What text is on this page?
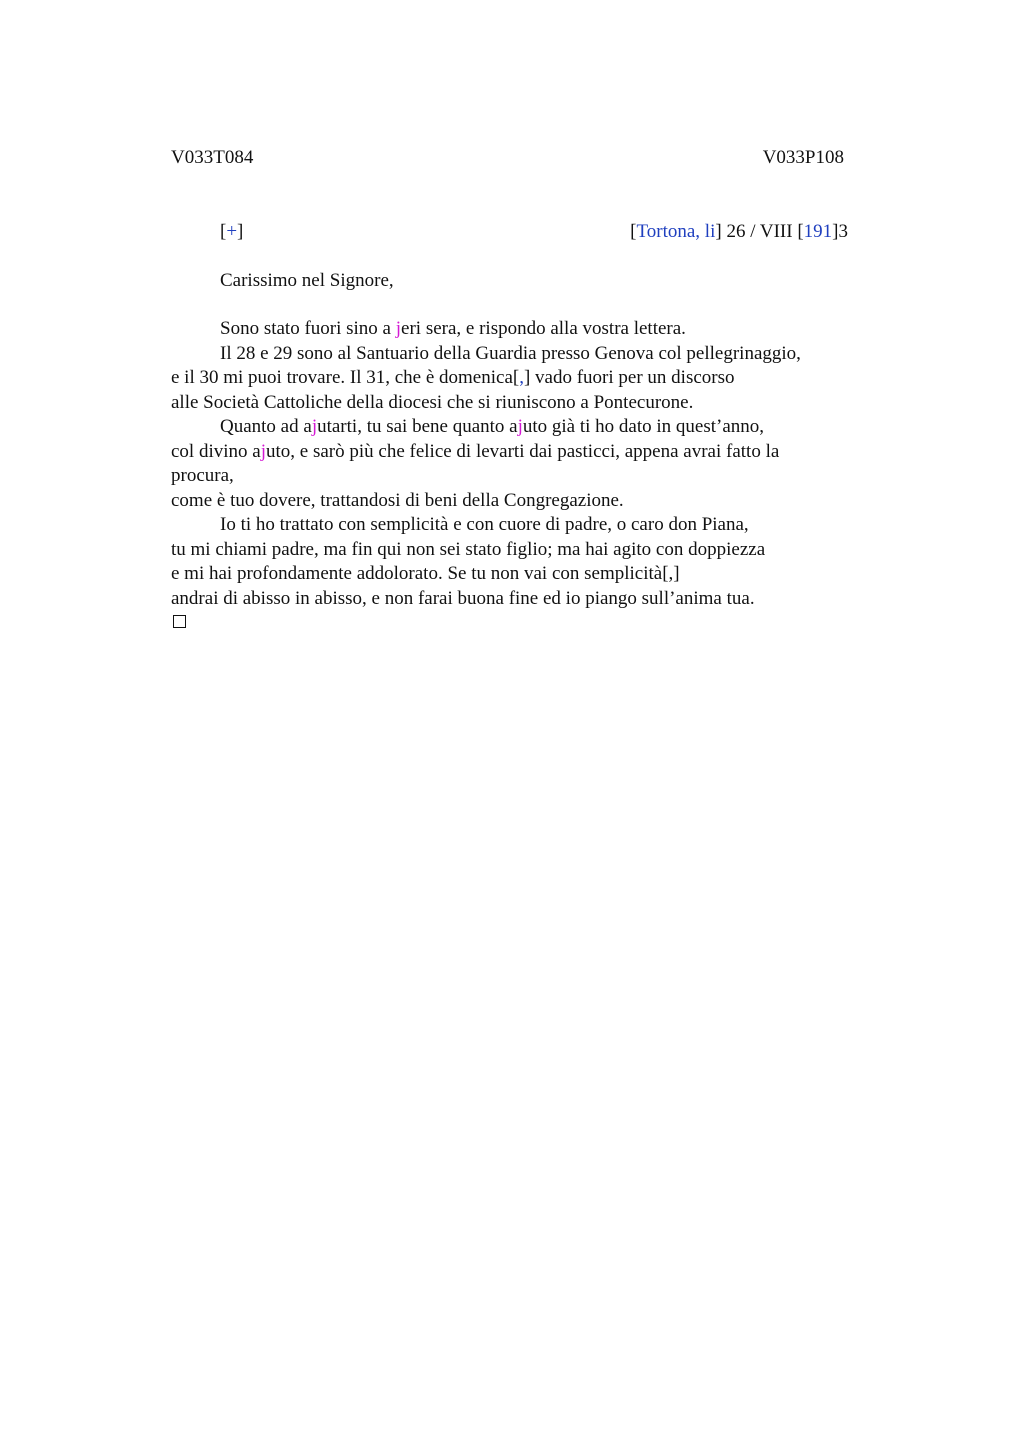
V033T084	V033P108
[+]	[Tortona, li] 26 / VIII [191]3
Carissimo nel Signore,
Sono stato fuori sino a jeri sera, e rispondo alla vostra lettera.
Il 28 e 29 sono al Santuario della Guardia presso Genova col pellegrinaggio,
e il 30 mi puoi trovare. Il 31, che è domenica[,] vado fuori per un discorso
alle Società Cattoliche della diocesi che si riuniscono a Pontecurone.
Quanto ad ajutarti, tu sai bene quanto ajuto già ti ho dato in quest’anno,
col divino ajuto, e sarò più che felice di levarti dai pasticci, appena avrai fatto la
procura,
come è tuo dovere, trattandosi di beni della Congregazione.
Io ti ho trattato con semplicità e con cuore di padre, o caro don Piana,
tu mi chiami padre, ma fin qui non sei stato figlio; ma hai agito con doppiezza
e mi hai profondamente addolorato. Se tu non vai con semplicità[,]
andrai di abisso in abisso, e non farai buona fine ed io piango sull’anima tua.
